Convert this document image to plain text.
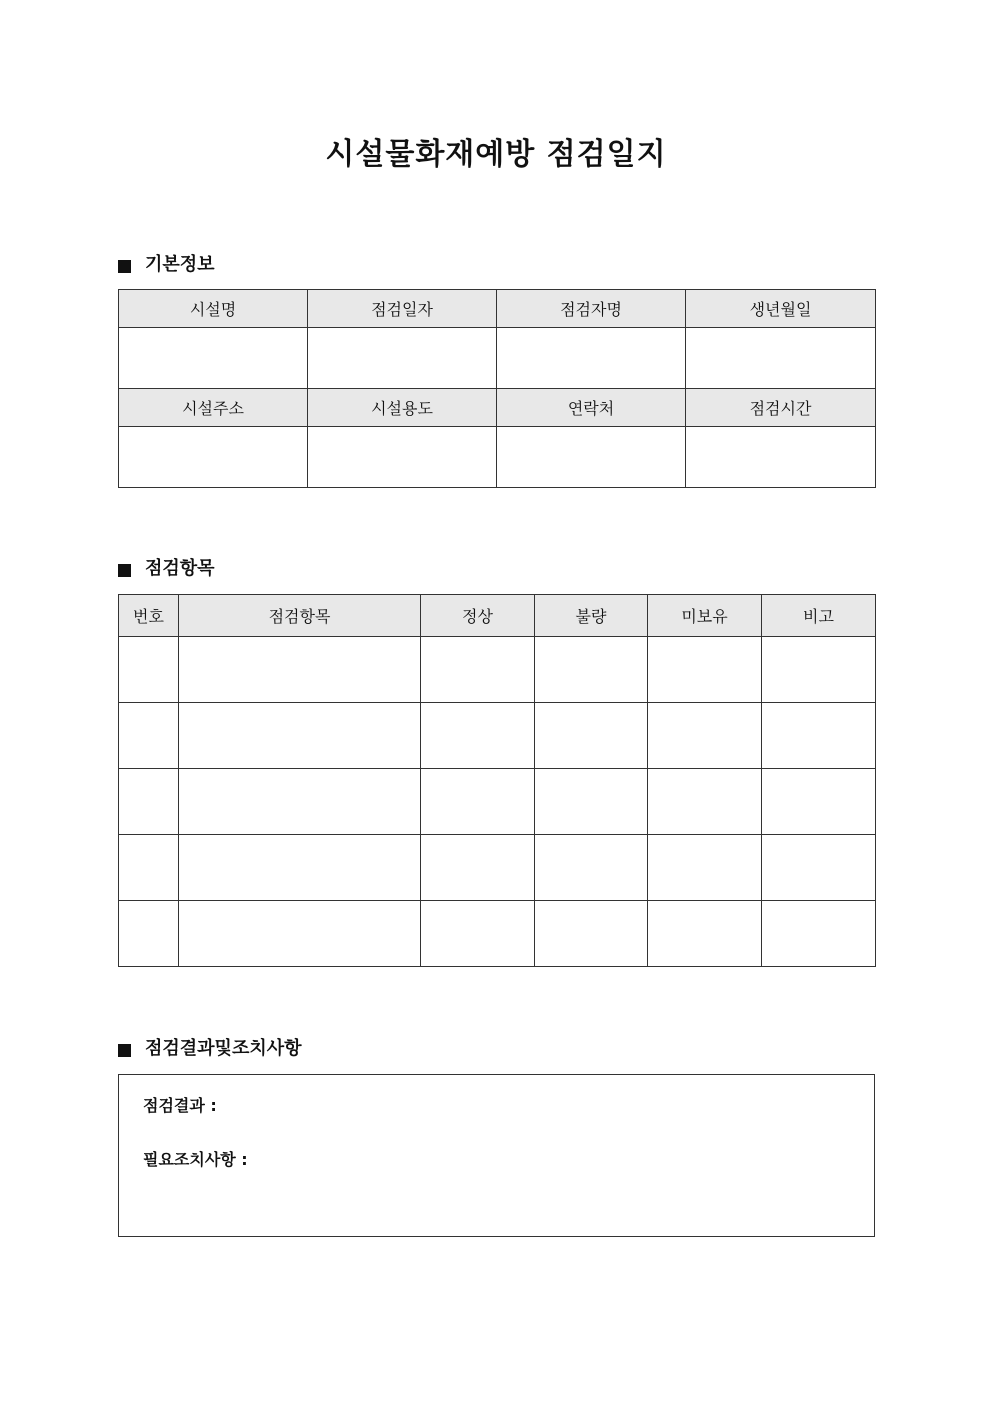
시설물화재예방 점검일지
기본정보
시설명	점검일자	점검자명	생년월일

시설주소	시설용도	연락처	점검시간

점검항목
번호	점검항목	정상	불량	미보유	비고

점검결과및조치사항
점검결과 :
필요조치사항 :
